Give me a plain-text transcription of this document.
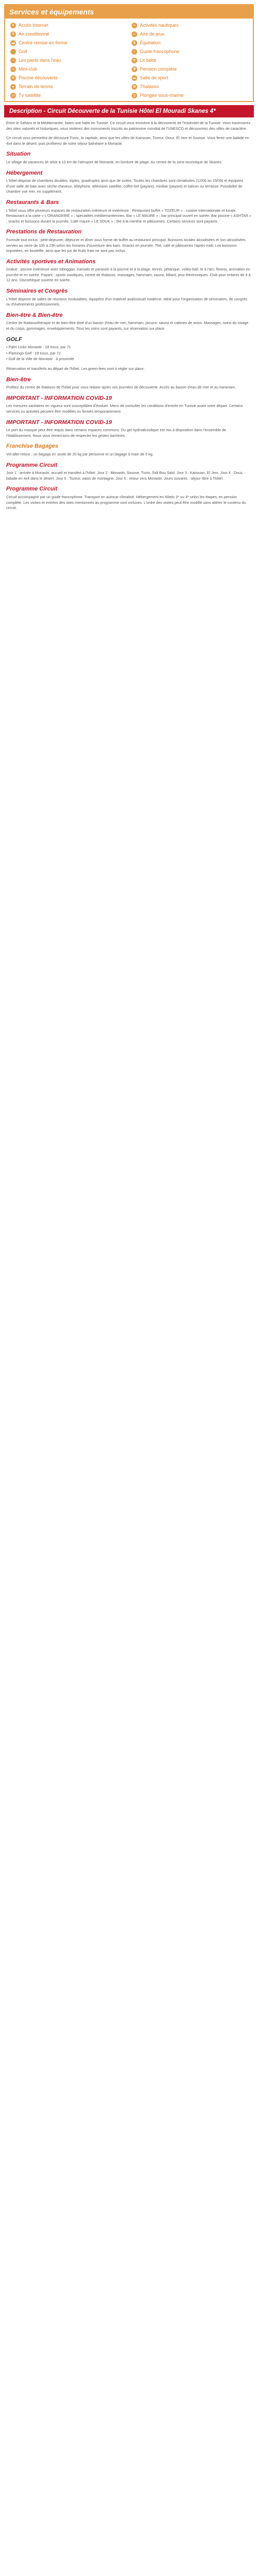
Services et équipements
✈ Accès Internet	≈ Activités nautiques
❄ Air conditionné	☺ Aire de jeux
▬ Centre remise en forme	♞ Équitation
⛳ Golf	i	Guide francophone
~ Les pieds dans l'eau	♥ Lit bébé
☺ Mini-club	✚ Pension complète
≋ Piscine découverte	▬ Salle de sport
● Terrain de tennis	✿ Thalasso
▭ Tv satellite	◎ Plongée sous-marine
Description - Circuit Découverte de la Tunisie Hôtel El Mouradi Skanes 4*

Entre le Sahara et la Méditerranée, faites une halte en Tunisie. Ce circuit vous emmène à la découverte de l'essentiel de la Tunisie. Vous traverserez des sites naturels et historiques, vous visiterez des monuments inscrits au patrimoine mondial de l'UNESCO et découvrirez des villes de caractère.

Ce circuit vous permettra de découvrir Tunis, la capitale, ainsi que les villes de Kairouan, Tozeur, Douz, El Jem et Sousse. Vous ferez une balade en 4x4 dans le désert, puis profiterez de votre séjour balnéaire à Monastir.

Situation

Le village de vacances se situe à 10 km de l'aéroport de Monastir, en bordure de plage. Au centre de la zone touristique de Skanes.

Hébergement

L'hôtel dispose de chambres doubles, triples, quadruples ainsi que de suites. Toutes les chambres sont climatisées (12/06 au 15/09) et équipées d'une salle de bain avec sèche-cheveux, téléphone, télévision satellite, coffre-fort (payant), minibar (payant) et balcon ou terrasse. Possibilité de chambre vue mer, en supplément.

Restaurants & Bars

L'hôtel vous offre plusieurs espaces de restauration intérieure et extérieure : Restaurant buffet « TOZEUR » ; cuisine internationale et locale. Restaurant à la carte « L'ORANGERIE » ; spécialités méditerranéennes. Bar « LE MAURE » ; bar principal ouvert en soirée. Bar piscine « ASHTAR » ; snacks et boissons durant la journée. Café maure « LE SOUK » ; thé à la menthe et pâtisseries. Certains services sont payants.

Prestations de Restauration

Formule tout inclus : petit-déjeuner, déjeuner et dîner sous forme de buffet au restaurant principal. Boissons locales alcoolisées et non alcoolisées servies au verre de 10h à 23h selon les horaires d'ouverture des bars. Snacks en journée. Thé, café et pâtisseries l'après-midi. Les boissons importées, en bouteille, ainsi que les jus de fruits frais ne sont pas inclus.

Activités sportives et Animations

Gratuit : piscine extérieure avec toboggan, transats et parasols à la piscine et à la plage, tennis, pétanque, volley-ball, tir à l'arc, fitness, animation en journée et en soirée. Payant : sports nautiques, centre de thalasso, massages, hammam, sauna, billard, jeux électroniques. Club pour enfants de 4 à 12 ans. Discothèque ouverte en soirée.

Séminaires et Congrès

L'hôtel dispose de salles de réunions modulables, équipées d'un matériel audiovisuel moderne. Idéal pour l'organisation de séminaires, de congrès ou d'évènements professionnels.

Bien-être & Bien-être

Centre de thalassothérapie et de bien-être doté d'un bassin d'eau de mer, hammam, jacuzzi, sauna et cabines de soins. Massages, soins du visage et du corps, gommages, enveloppements. Tous les soins sont payants, sur réservation sur place.

GOLF
• Palm Links Monastir : 18 trous, par 71
• Flamingo Golf : 18 trous, par 72
• Golf de la Ville de Monastir : à proximité

Réservation et transferts au départ de l'hôtel. Les green-fees sont à régler sur place.

Bien-être

Profitez du centre de thalasso de l'hôtel pour vous relaxer après vos journées de découverte. Accès au bassin d'eau de mer et au hammam.

IMPORTANT - INFORMATION COVID-19

Les mesures sanitaires en vigueur sont susceptibles d'évoluer. Merci de consulter les conditions d'entrée en Tunisie avant votre départ. Certains services ou activités peuvent être modifiés ou fermés temporairement.

IMPORTANT - INFORMATION COVID-19

Le port du masque peut être requis dans certains espaces communs. Du gel hydroalcoolique est mis à disposition dans l'ensemble de l'établissement. Nous vous remercions de respecter les gestes barrières.

Franchise Bagages

Vol aller-retour : un bagage en soute de 20 kg par personne et un bagage à main de 5 kg.

Programme Circuit

Jour 1 : arrivée à Monastir, accueil et transfert à l'hôtel. Jour 2 : Monastir, Sousse, Tunis, Sidi Bou Saïd. Jour 3 : Kairouan, El Jem. Jour 4 : Douz, balade en 4x4 dans le désert. Jour 5 : Tozeur, oasis de montagne. Jour 6 : retour vers Monastir. Jours suivants : séjour libre à l'hôtel.

Programme Circuit

Circuit accompagné par un guide francophone. Transport en autocar climatisé. Hébergement en hôtels 3* ou 4* selon les étapes, en pension complète. Les visites et entrées des sites mentionnés au programme sont incluses. L'ordre des visites peut être modifié sans altérer le contenu du circuit.
